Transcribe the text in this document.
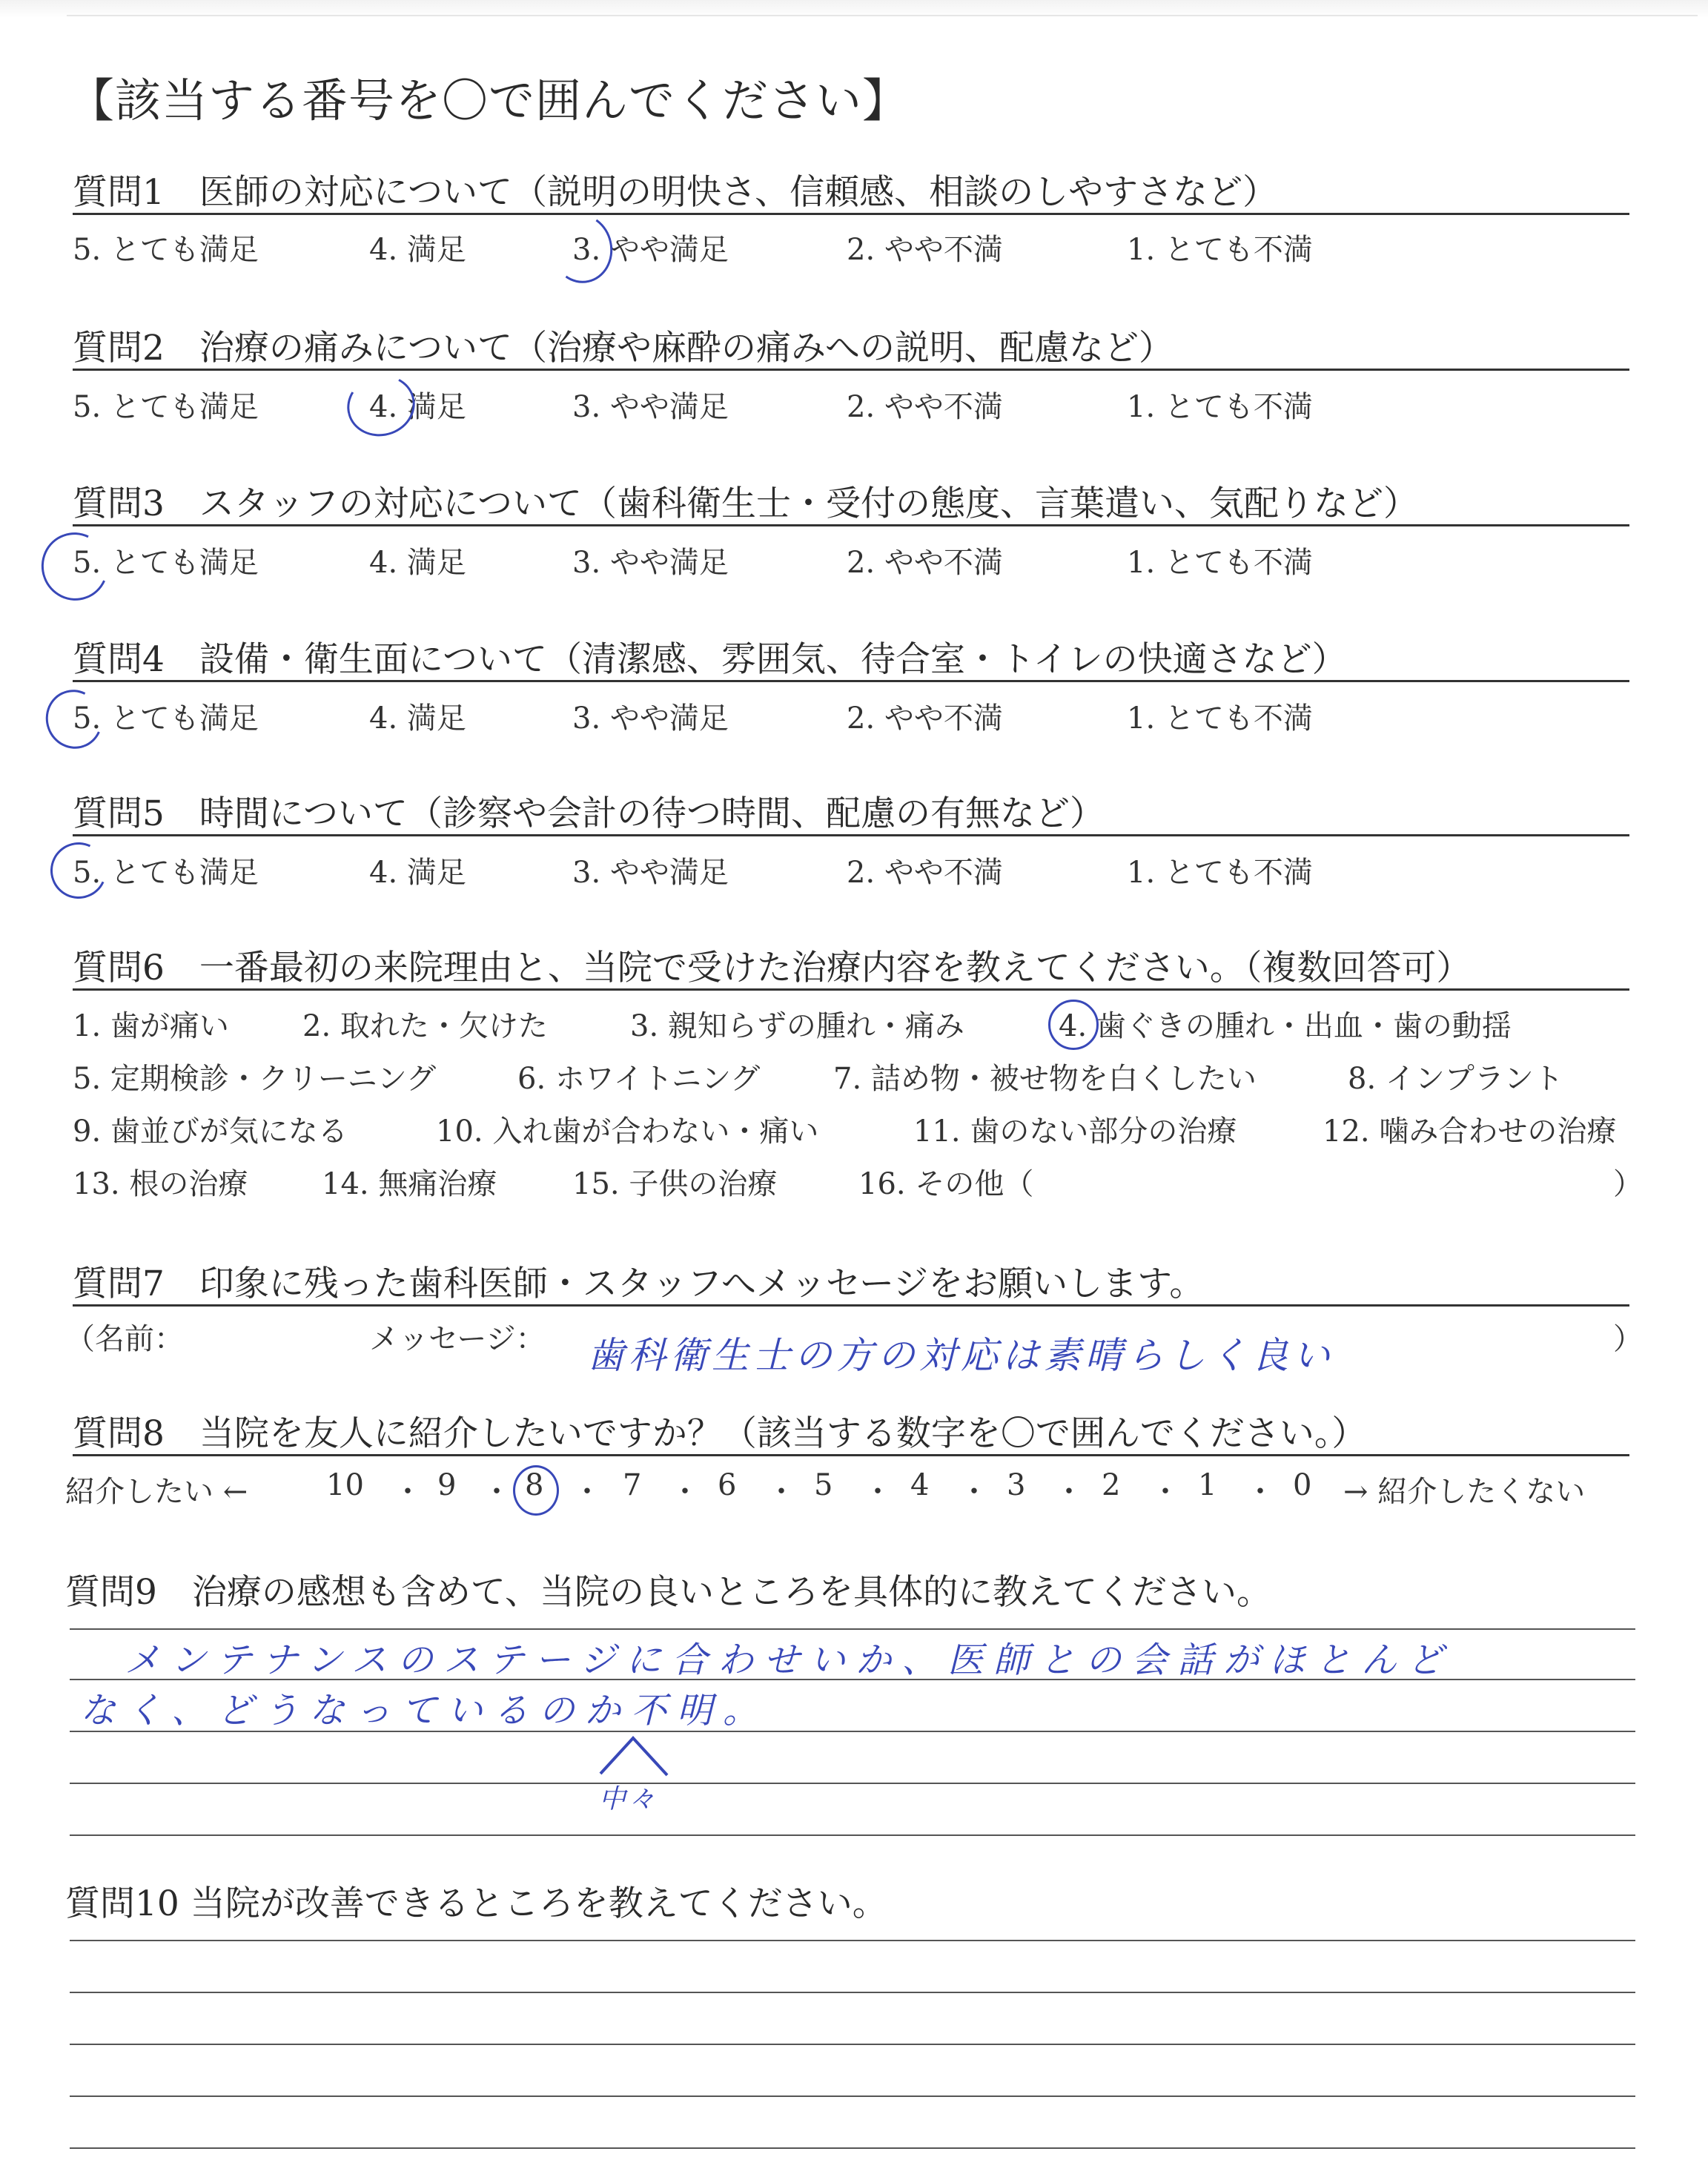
【該当する番号を〇で囲んでください】
質問1　医師の対応について（説明の明快さ、信頼感、相談のしやすさなど）
5. とても満足	4. 満足	3. やや満足	2. やや不満	1. とても不満
質問2　治療の痛みについて（治療や麻酔の痛みへの説明、配慮など）
5. とても満足	4. 満足	3. やや満足	2. やや不満	1. とても不満
質問3　スタッフの対応について（歯科衛生士・受付の態度、言葉遣い、気配りなど）
5. とても満足	4. 満足	3. やや満足	2. やや不満	1. とても不満
質問4　設備・衛生面について（清潔感、雰囲気、待合室・トイレの快適さなど）
5. とても満足	4. 満足	3. やや満足	2. やや不満	1. とても不満
質問5　時間について（診察や会計の待つ時間、配慮の有無など）
5. とても満足	4. 満足	3. やや満足	2. やや不満	1. とても不満
質問6　一番最初の来院理由と、当院で受けた治療内容を教えてください。（複数回答可）
1. 歯が痛い 2. 取れた・欠けた	3. 親知らずの腫れ・痛み	4. 歯ぐきの腫れ・出血・歯の動揺
5. 定期検診・クリーニング	6. ホワイトニング 7. 詰め物・被せ物を白くしたい	8. インプラント
9. 歯並びが気になる	10. 入れ歯が合わない・痛い	11. 歯のない部分の治療	12. 噛み合わせの治療
13. 根の治療 14. 無痛治療	15. 子供の治療	16. その他（	）
質問7　印象に残った歯科医師・スタッフへメッセージをお願いします。
（名前：	メッセージ： 歯科衛生士の方の対応は素晴らしく良い	）
質問8　当院を友人に紹介したいですか？（該当する数字を〇で囲んでください。）
紹介したい ←	10 ・ 9 ・ 8 ・ 7 ・ 6 ・ 5 ・ 4 ・ 3 ・ 2 ・ 1 ・ 0 → 紹介したくない
質問9　治療の感想も含めて、当院の良いところを具体的に教えてください。
メンテナンスのステージに合わせいか、医師との会話がほとんど
なく、どうなっているのか不明。
中々
質問10 当院が改善できるところを教えてください。
